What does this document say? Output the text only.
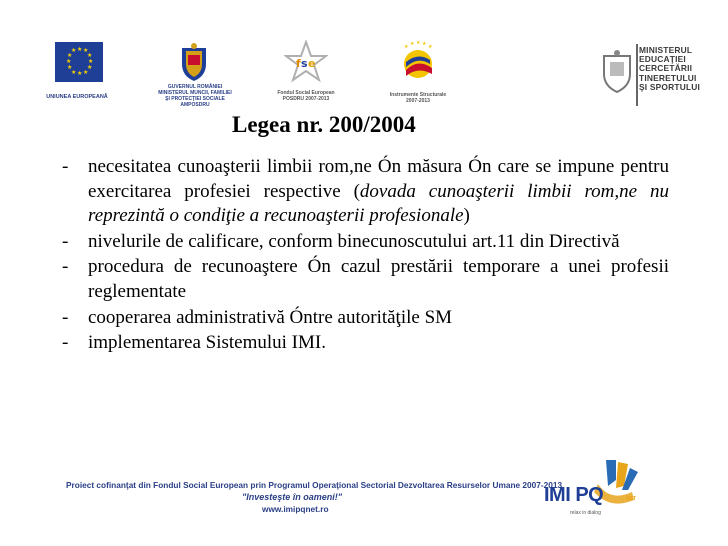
★ ★
★
★
★
★
★
★
★
★
★
★
UNIUNEA EUROPEANĂ
GUVERNUL ROMÂNIEI
MINISTERUL MUNCII, FAMILIEI
ŞI PROTECŢIEI SOCIALE
AMPOSDRU
f s e
Fondul Social European
POSDRU 2007-2013
★ ★ ★ ★ ★
Instrumente Structurale
2007-2013
MINISTERUL
EDUCAŢIEI
CERCETĂRII
TINERETULUI
ŞI SPORTULUI
Legea nr. 200/2004
- necesitatea cunoaşterii limbii rom,ne Ón măsura Ón care se impune pentru exercitarea profesiei respective (dovada cunoaşterii limbii rom,ne nu reprezintă o condiţie a recunoaşterii profesionale)
- nivelurile de calificare, conform binecunoscutului art.11 din Directivă
- procedura de recunoaştere Ón cazul prestării temporare a unei profesii reglementate
- cooperarea administrativă Óntre autorităţile SM
- implementarea Sistemului IMI.
Proiect cofinanţat din Fondul Social European prin Programul Operaţional Sectorial Dezvoltarea Resurselor Umane 2007-2013
"Investeşte în oameni!"
www.imipqnet.ro
IMI PQ	NET
relax in dialog
